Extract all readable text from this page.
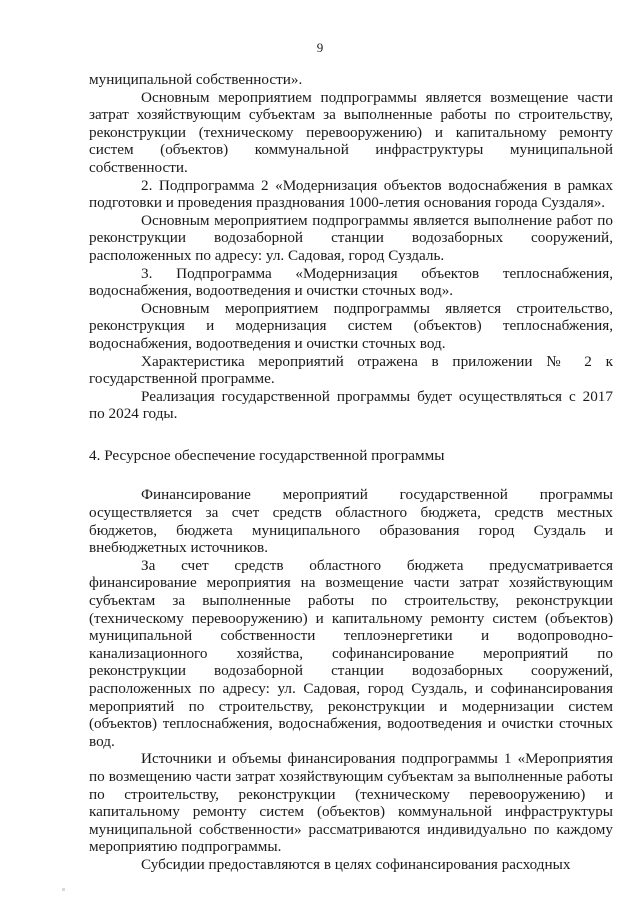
9

муниципальной собственности».

Основным мероприятием подпрограммы является возмещение части затрат хозяйствующим субъектам за выполненные работы по строительству, реконструкции (техническому перевооружению) и капитальному ремонту систем (объектов) коммунальной инфраструктуры муниципальной собственности.

2. Подпрограмма 2 «Модернизация объектов водоснабжения в рамках подготовки и проведения празднования 1000-летия основания города Суздаля».

Основным мероприятием подпрограммы является выполнение работ по реконструкции водозаборной станции водозаборных сооружений, расположенных по адресу: ул. Садовая, город Суздаль.

3. Подпрограмма «Модернизация объектов теплоснабжения, водоснабжения, водоотведения и очистки сточных вод».

Основным мероприятием подпрограммы является строительство, реконструкция и модернизация систем (объектов) теплоснабжения, водоснабжения, водоотведения и очистки сточных вод.

Характеристика мероприятий отражена в приложении № 2 к государственной программе.

Реализация государственной программы будет осуществляться с 2017 по 2024 годы.

4. Ресурсное обеспечение государственной программы

Финансирование мероприятий государственной программы осуществляется за счет средств областного бюджета, средств местных бюджетов, бюджета муниципального образования город Суздаль и внебюджетных источников.

За счет средств областного бюджета предусматривается финансирование мероприятия на возмещение части затрат хозяйствующим субъектам за выполненные работы по строительству, реконструкции (техническому перевооружению) и капитальному ремонту систем (объектов) муниципальной собственности теплоэнергетики и водопроводно-канализационного хозяйства, софинансирование мероприятий по реконструкции водозаборной станции водозаборных сооружений, расположенных по адресу: ул. Садовая, город Суздаль, и софинансирования мероприятий по строительству, реконструкции и модернизации систем (объектов) теплоснабжения, водоснабжения, водоотведения и очистки сточных вод.

Источники и объемы финансирования подпрограммы 1 «Мероприятия по возмещению части затрат хозяйствующим субъектам за выполненные работы по строительству, реконструкции (техническому перевооружению) и капитальному ремонту систем (объектов) коммунальной инфраструктуры муниципальной собственности» рассматриваются индивидуально по каждому мероприятию подпрограммы.

Субсидии предоставляются в целях софинансирования расходных
